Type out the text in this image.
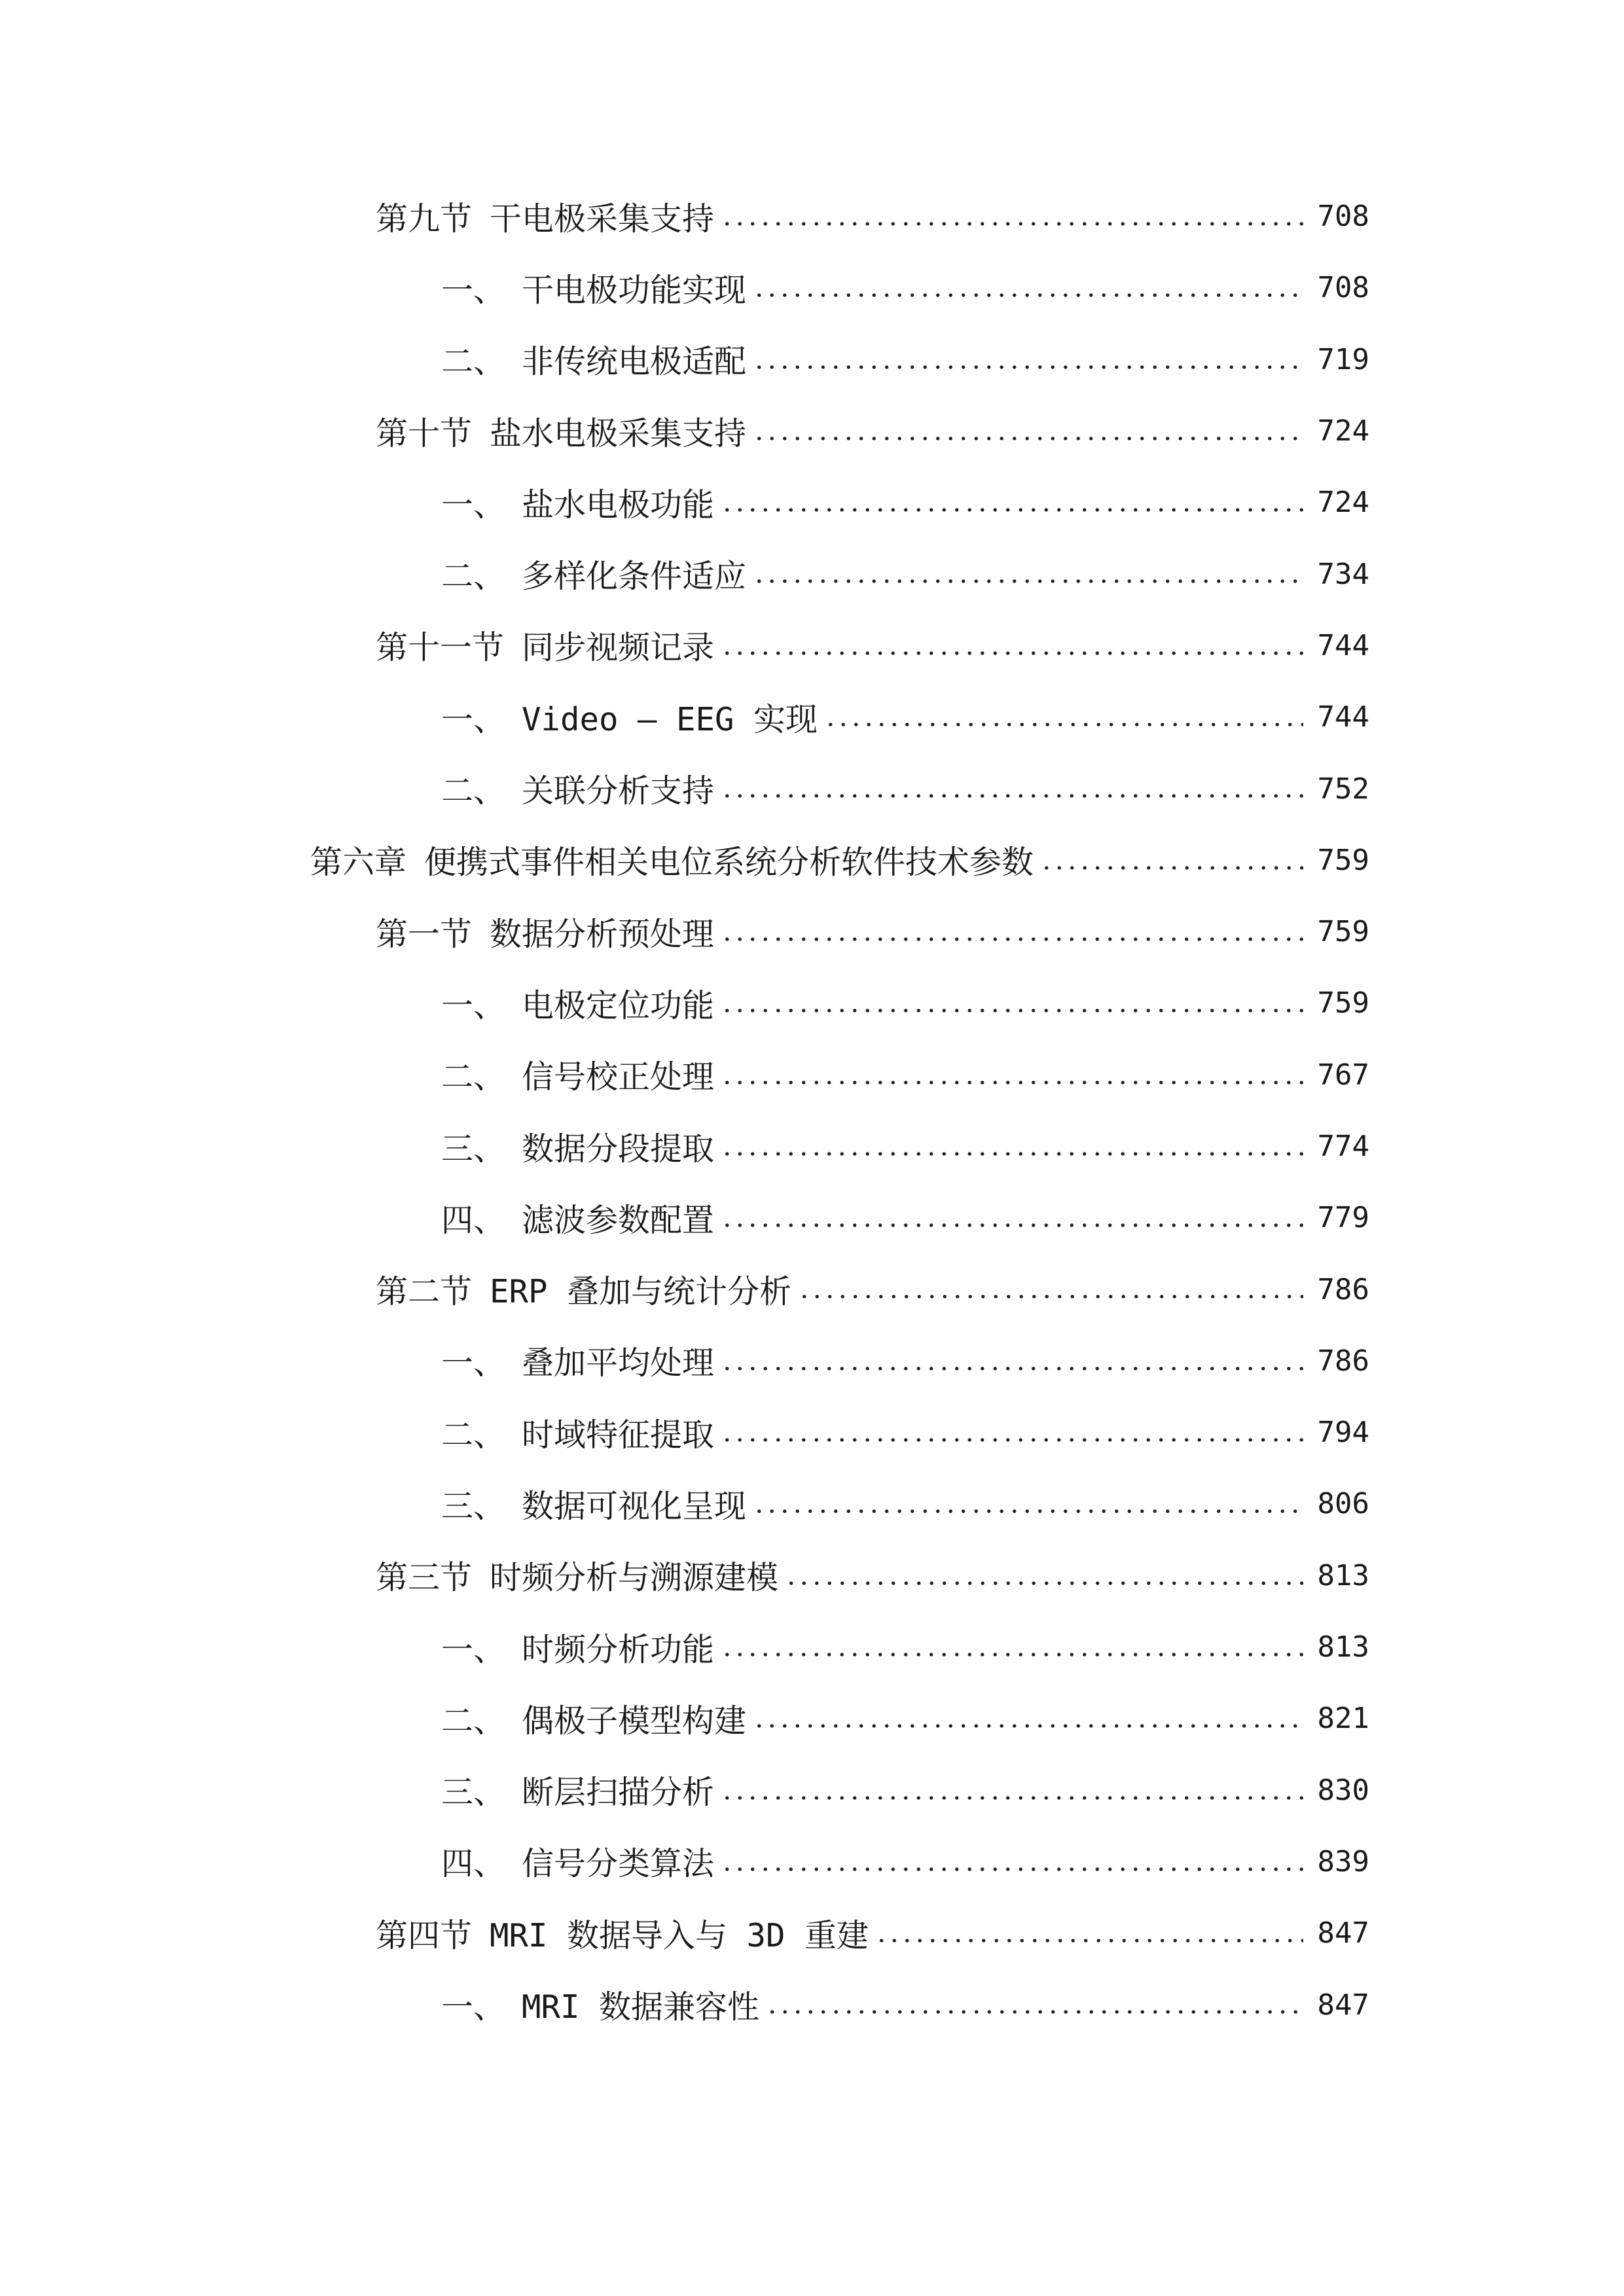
第九节 干电极采集支持	708
一、 干电极功能实现	708
二、 非传统电极适配	719
第十节 盐水电极采集支持	724
一、 盐水电极功能	724
二、 多样化条件适应	734
第十一节 同步视频记录	744
一、 Video – EEG 实现	744
二、 关联分析支持	752
第六章 便携式事件相关电位系统分析软件技术参数	759
第一节 数据分析预处理	759
一、 电极定位功能	759
二、 信号校正处理	767
三、 数据分段提取	774
四、 滤波参数配置	779
第二节 ERP 叠加与统计分析	786
一、 叠加平均处理	786
二、 时域特征提取	794
三、 数据可视化呈现	806
第三节 时频分析与溯源建模	813
一、 时频分析功能	813
二、 偶极子模型构建	821
三、 断层扫描分析	830
四、 信号分类算法	839
第四节 MRI 数据导入与 3D 重建	847
一、 MRI 数据兼容性	847
